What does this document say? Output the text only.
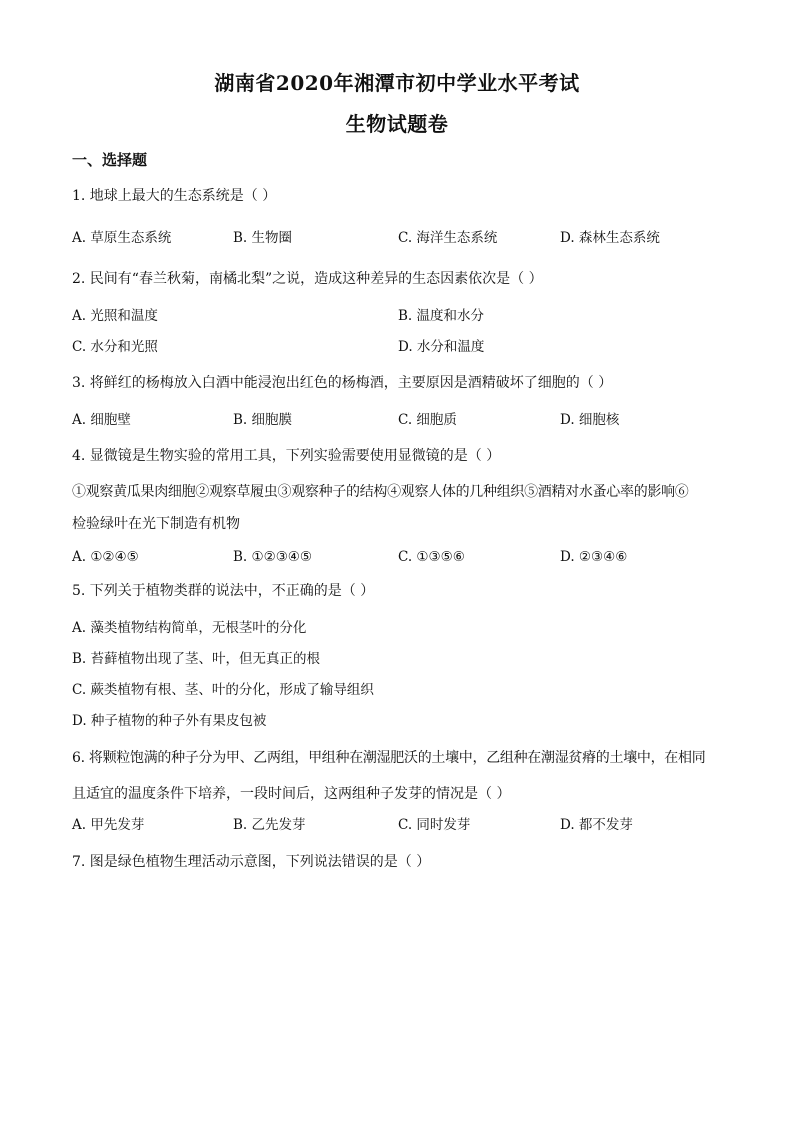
湖南省2020年湘潭市初中学业水平考试
生物试题卷
一、选择题
1. 地球上最大的生态系统是（ ）
A. 草原生态系统	B. 生物圈	C. 海洋生态系统	D. 森林生态系统
2. 民间有“春兰秋菊，南橘北梨”之说，造成这种差异的生态因素依次是（ ）
A. 光照和温度	B. 温度和水分
C. 水分和光照	D. 水分和温度
3. 将鲜红的杨梅放入白酒中能浸泡出红色的杨梅酒，主要原因是酒精破坏了细胞的（ ）
A. 细胞壁	B. 细胞膜	C. 细胞质	D. 细胞核
4. 显微镜是生物实验的常用工具，下列实验需要使用显微镜的是（ ）
①观察黄瓜果肉细胞②观察草履虫③观察种子的结构④观察人体的几种组织⑤酒精对水蚤心率的影响⑥
检验绿叶在光下制造有机物
A. ①②④⑤	B. ①②③④⑤	C. ①③⑤⑥	D. ②③④⑥
5. 下列关于植物类群的说法中，不正确的是（ ）
A. 藻类植物结构简单，无根茎叶的分化
B. 苔藓植物出现了茎、叶，但无真正的根
C. 蕨类植物有根、茎、叶的分化，形成了输导组织
D. 种子植物的种子外有果皮包被
6. 将颗粒饱满的种子分为甲、乙两组，甲组种在潮湿肥沃的土壤中，乙组种在潮湿贫瘠的土壤中，在相同
且适宜的温度条件下培养，一段时间后，这两组种子发芽的情况是（ ）
A. 甲先发芽	B. 乙先发芽	C. 同时发芽	D. 都不发芽
7. 图是绿色植物生理活动示意图，下列说法错误的是（ ）
